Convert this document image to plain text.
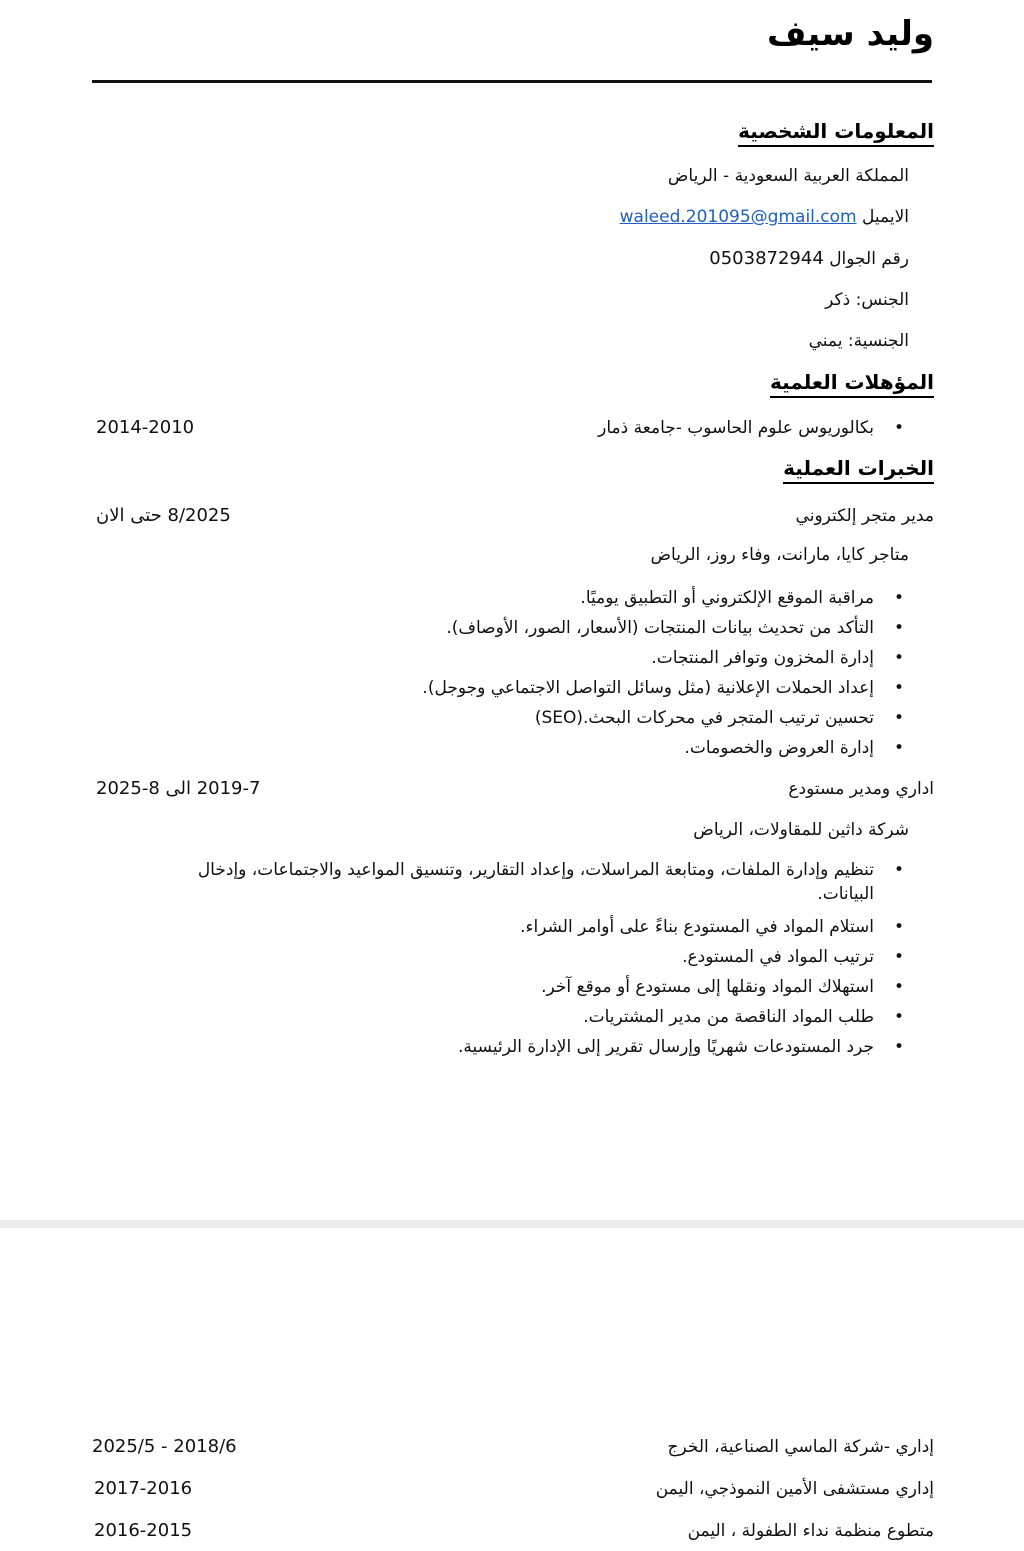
وليد سيف
المعلومات الشخصية
المملكة العربية السعودية - الرياض
الايميل waleed.201095@gmail.com
رقم الجوال 0503872944
الجنس: ذكر
الجنسية: يمني
المؤهلات العلمية
• بكالوريوس علوم الحاسوب -جامعة ذمار
2014-2010
الخبرات العملية
مدير متجر إلكتروني
8/2025 حتى الان
متاجر كايا، مارانت، وفاء روز، الرياض
• مراقبة الموقع الإلكتروني أو التطبيق يوميًا.
• التأكد من تحديث بيانات المنتجات (الأسعار، الصور، الأوصاف).
• إدارة المخزون وتوافر المنتجات.
• إعداد الحملات الإعلانية (مثل وسائل التواصل الاجتماعي وجوجل).
• تحسين ترتيب المتجر في محركات البحث.(SEO)
• إدارة العروض والخصومات.
اداري ومدير مستودع
2019-7 الى 8-2025
شركة داثين للمقاولات، الرياض
• تنظيم وإدارة الملفات، ومتابعة المراسلات، وإعداد التقارير، وتنسيق المواعيد والاجتماعات، وإدخال البيانات.
• استلام المواد في المستودع بناءً على أوامر الشراء.
• ترتيب المواد في المستودع.
• استهلاك المواد ونقلها إلى مستودع أو موقع آخر.
• طلب المواد الناقصة من مدير المشتريات.
• جرد المستودعات شهريًا وإرسال تقرير إلى الإدارة الرئيسية.
إداري -شركة الماسي الصناعية، الخرج
2025/5 - 2018/6
إداري مستشفى الأمين النموذجي، اليمن
2017-2016
متطوع منظمة نداء الطفولة ، اليمن
2016-2015
